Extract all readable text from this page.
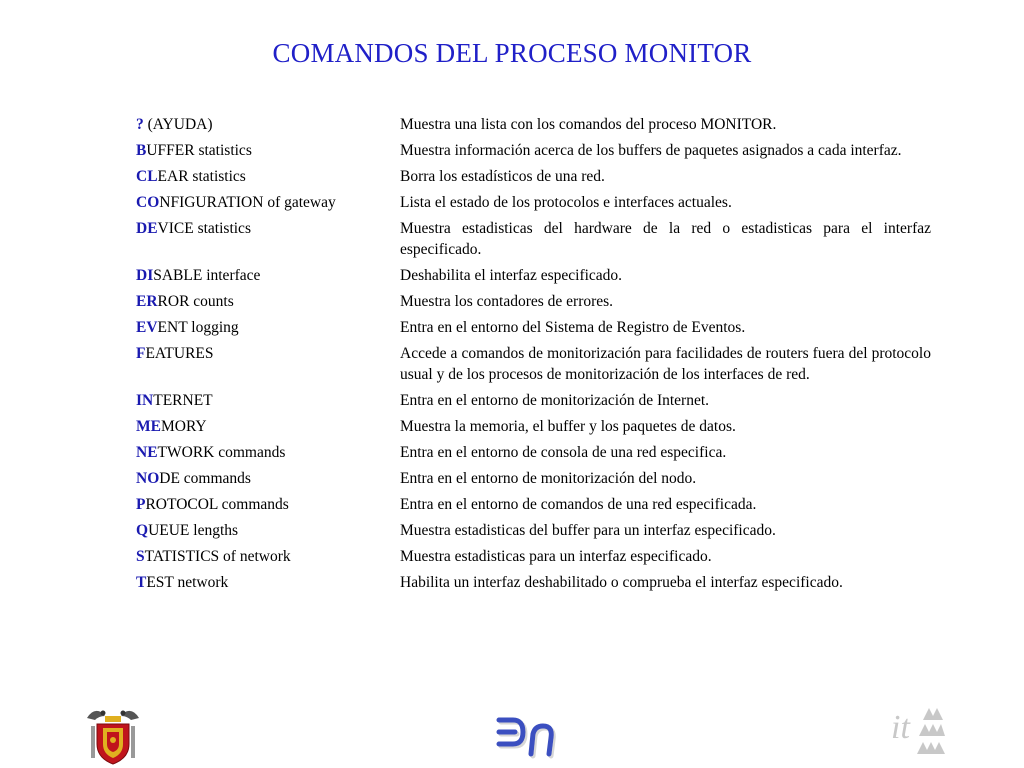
COMANDOS DEL PROCESO MONITOR
? (AYUDA)	Muestra una lista con los comandos del proceso MONITOR.
BUFFER statistics	Muestra información acerca de los buffers de paquetes asignados a cada interfaz.
CLEAR statistics	Borra los estadísticos de una red.
CONFIGURATION of gateway	Lista el estado de los protocolos e interfaces actuales.
DEVICE statistics	Muestra estadisticas del hardware de la red o estadisticas para el interfaz especificado.
DISABLE interface	Deshabilita el interfaz especificado.
ERROR counts	Muestra los contadores de errores.
EVENT logging	Entra en el entorno del Sistema de Registro de Eventos.
FEATURES	Accede a comandos de monitorización para facilidades de routers fuera del protocolo usual y de los procesos de monitorización de los interfaces de red.
INTERNET	Entra en el entorno de monitorización de Internet.
MEMORY	Muestra la memoria, el buffer y los paquetes de datos.
NETWORK commands	Entra en el entorno de consola de una red especifica.
NODE commands	Entra en el entorno de monitorización del nodo.
PROTOCOL commands	Entra en el entorno de comandos de una red especificada.
QUEUE lengths	Muestra estadisticas del buffer para un interfaz especificado.
STATISTICS of network	Muestra estadisticas para un interfaz especificado.
TEST network	Habilita un interfaz deshabilitado o comprueba el interfaz especificado.
it
